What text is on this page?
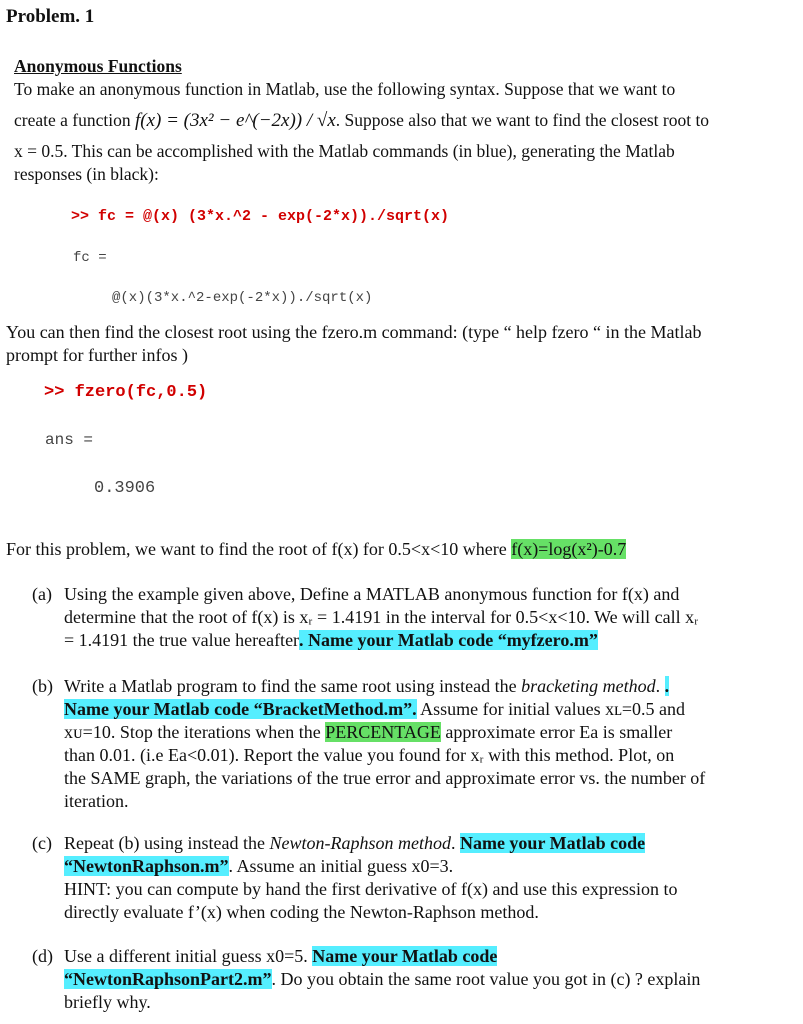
Problem. 1
Anonymous Functions
To make an anonymous function in Matlab, use the following syntax. Suppose that we want to
create a function f(x) = (3x² − e^(−2x)) / √x. Suppose also that we want to find the closest root to
x = 0.5. This can be accomplished with the Matlab commands (in blue), generating the Matlab
responses (in black):
>> fc = @(x) (3*x.^2 - exp(-2*x))./sqrt(x)
fc =
@(x)(3*x.^2-exp(-2*x))./sqrt(x)
You can then find the closest root using the fzero.m command: (type “ help fzero “ in the Matlab
prompt for further infos )
>> fzero(fc,0.5)
ans =
0.3906
For this problem, we want to find the root of f(x) for 0.5<x<10 where f(x)=log(x²)-0.7
(a) Using the example given above, Define a MATLAB anonymous function for f(x) and
determine that the root of f(x) is xᵣ = 1.4191 in the interval for 0.5<x<10. We will call xᵣ
= 1.4191 the true value hereafter. Name your Matlab code “myfzero.m”
(b) Write a Matlab program to find the same root using instead the bracketing method. .
Name your Matlab code “BracketMethod.m”. Assume for initial values xʟ=0.5 and
xᴜ=10. Stop the iterations when the PERCENTAGE approximate error Ea is smaller
than 0.01. (i.e Ea<0.01). Report the value you found for xᵣ with this method. Plot, on
the SAME graph, the variations of the true error and approximate error vs. the number of
iteration.
(c) Repeat (b) using instead the Newton-Raphson method. Name your Matlab code
“NewtonRaphson.m”. Assume an initial guess x0=3.
HINT: you can compute by hand the first derivative of f(x) and use this expression to
directly evaluate f’(x) when coding the Newton-Raphson method.
(d) Use a different initial guess x0=5. Name your Matlab code
“NewtonRaphsonPart2.m”. Do you obtain the same root value you got in (c) ? explain
briefly why.
